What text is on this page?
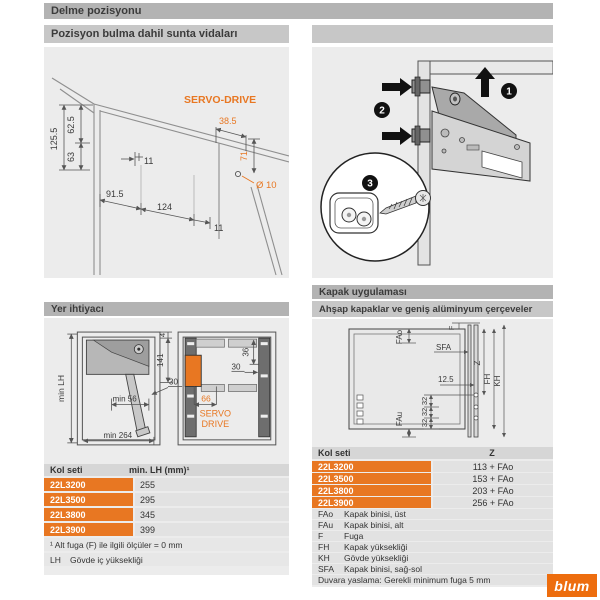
Delme pozisyonu
Pozisyon bulma dahil sunta vidaları
91.5
124
11
11
125.5
62.5
63
SERVO-DRIVE
38.5
71
Ø 10
1
2
3
Yer ihtiyacı
min LH
4
141
30
min 56
min 264
36
30
66
SERVO
DRIVE
Kol seti	min. LH (mm)¹
22L3200	255
22L3500	295
22L3800	345
22L3900	399
¹ Alt fuga (F) ile ilgili ölçüler = 0 mm
LH	Gövde iç yüksekliği
Kapak uygulaması
Ahşap kapaklar ve geniş alüminyum çerçeveler
FAo
F
SFA
Z
FH KH
12.5
32
32
32
FAu
Kol seti	Z
22L3200	113 + FAo
22L3500	153 + FAo
22L3800	203 + FAo
22L3900	256 + FAo
FAo	Kapak binisi, üst
FAu	Kapak binisi, alt
F	Fuga
FH	Kapak yüksekliği
KH	Gövde yüksekliği
SFA	Kapak binisi, sağ-sol
Duvara yaslama: Gerekli minimum fuga 5 mm	blum
